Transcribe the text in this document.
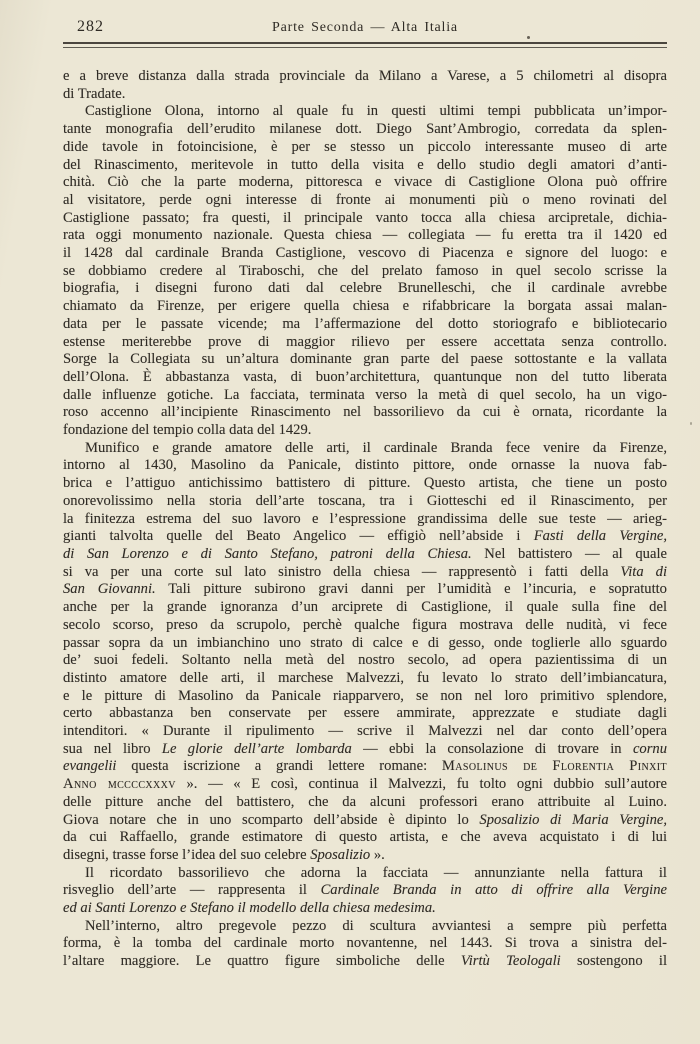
282	Parte Seconda — Alta Italia
e a breve distanza dalla strada provinciale da Milano a Varese, a 5 chilometri al disopra
di Tradate.
Castiglione Olona, intorno al quale fu in questi ultimi tempi pubblicata un’impor-
tante monografia dell’erudito milanese dott. Diego Sant’Ambrogio, corredata da splen-
dide tavole in fotoincisione, è per se stesso un piccolo interessante museo di arte
del Rinascimento, meritevole in tutto della visita e dello studio degli amatori d’anti-
chità. Ciò che la parte moderna, pittoresca e vivace di Castiglione Olona può offrire
al visitatore, perde ogni interesse di fronte ai monumenti più o meno rovinati del
Castiglione passato; fra questi, il principale vanto tocca alla chiesa arcipretale, dichia-
rata oggi monumento nazionale. Questa chiesa — collegiata — fu eretta tra il 1420 ed
il 1428 dal cardinale Branda Castiglione, vescovo di Piacenza e signore del luogo: e
se dobbiamo credere al Tiraboschi, che del prelato famoso in quel secolo scrisse la
biografia, i disegni furono dati dal celebre Brunelleschi, che il cardinale avrebbe
chiamato da Firenze, per erigere quella chiesa e rifabbricare la borgata assai malan-
data per le passate vicende; ma l’affermazione del dotto storiografo e bibliotecario
estense meriterebbe prove di maggior rilievo per essere accettata senza controllo.
Sorge la Collegiata su un’altura dominante gran parte del paese sottostante e la vallata
dell’Olona. È abbastanza vasta, di buon’architettura, quantunque non del tutto liberata
dalle influenze gotiche. La facciata, terminata verso la metà di quel secolo, ha un vigo-
roso accenno all’incipiente Rinascimento nel bassorilievo da cui è ornata, ricordante la
fondazione del tempio colla data del 1429.
Munifico e grande amatore delle arti, il cardinale Branda fece venire da Firenze,
intorno al 1430, Masolino da Panicale, distinto pittore, onde ornasse la nuova fab-
brica e l’attiguo antichissimo battistero di pitture. Questo artista, che tiene un posto
onorevolissimo nella storia dell’arte toscana, tra i Giotteschi ed il Rinascimento, per
la finitezza estrema del suo lavoro e l’espressione grandissima delle sue teste — arieg-
gianti talvolta quelle del Beato Angelico — effigiò nell’abside i Fasti della Vergine,
di San Lorenzo e di Santo Stefano, patroni della Chiesa. Nel battistero — al quale
si va per una corte sul lato sinistro della chiesa — rappresentò i fatti della Vita di
San Giovanni. Tali pitture subirono gravi danni per l’umidità e l’incuria, e sopratutto
anche per la grande ignoranza d’un arciprete di Castiglione, il quale sulla fine del
secolo scorso, preso da scrupolo, perchè qualche figura mostrava delle nudità, vi fece
passar sopra da un imbianchino uno strato di calce e di gesso, onde toglierle allo sguardo
de’ suoi fedeli. Soltanto nella metà del nostro secolo, ad opera pazientissima di un
distinto amatore delle arti, il marchese Malvezzi, fu levato lo strato dell’imbiancatura,
e le pitture di Masolino da Panicale riapparvero, se non nel loro primitivo splendore,
certo abbastanza ben conservate per essere ammirate, apprezzate e studiate dagli
intenditori. « Durante il ripulimento — scrive il Malvezzi nel dar conto dell’opera
sua nel libro Le glorie dell’arte lombarda — ebbi la consolazione di trovare in cornu
evangelii questa iscrizione a grandi lettere romane: Masolinus de Florentia Pinxit
Anno mccccxxxv ». — « E così, continua il Malvezzi, fu tolto ogni dubbio sull’autore
delle pitture anche del battistero, che da alcuni professori erano attribuite al Luino.
Giova notare che in uno scomparto dell’abside è dipinto lo Sposalizio di Maria Vergine,
da cui Raffaello, grande estimatore di questo artista, e che aveva acquistato i di lui
disegni, trasse forse l’idea del suo celebre Sposalizio ».
Il ricordato bassorilievo che adorna la facciata — annunziante nella fattura il
risveglio dell’arte — rappresenta il Cardinale Branda in atto di offrire alla Vergine
ed ai Santi Lorenzo e Stefano il modello della chiesa medesima.
Nell’interno, altro pregevole pezzo di scultura avviantesi a sempre più perfetta
forma, è la tomba del cardinale morto novantenne, nel 1443. Si trova a sinistra del-
l’altare maggiore. Le quattro figure simboliche delle Virtù Teologali sostengono il
